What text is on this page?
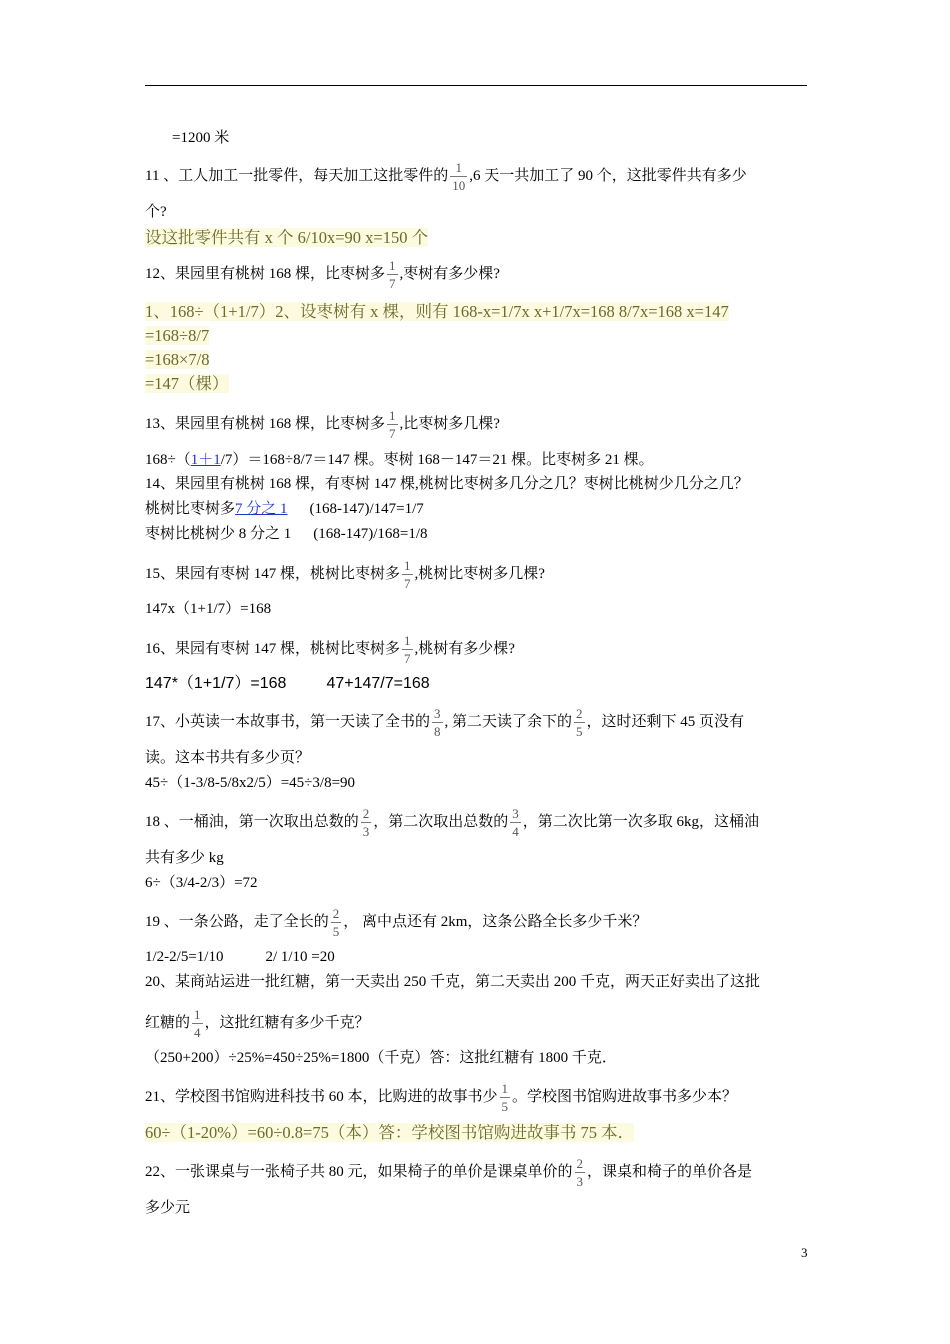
=1200 米
11 、工人加工一批零件，每天加工这批零件的 $\frac{1}{10} ,6$ 天一共加工了 90 个，这批零件共有多少
个?
设这批零件共有 x 个 6/10x=90 x=150 个
12、果园里有桃树 168 棵，比枣树多 $\frac{1}{7}$ ,枣树有多少棵?
1、168÷（1+1/7）2、设枣树有 x 棵，则有 168-x=1/7x x+1/7x=168 8/7x=168 x=147
=168÷8/7
=168×7/8
=147（棵）
13、果园里有桃树 168 棵，比枣树多 $\frac{1}{7}$ ,比枣树多几棵?
168÷（1＋1/7）＝168÷8/7＝147 棵。枣树 168－147＝21 棵。比枣树多 21 棵。
14、果园里有桃树 168 棵，有枣树 147 棵,桃树比枣树多几分之几？枣树比桃树少几分之几？
桃树比枣树多7 分之 1 (168-147)/147=1/7
枣树比桃树少 8 分之 1 (168-147)/168=1/8
15、果园有枣树 147 棵，桃树比枣树多 $\frac{1}{7}$ ,桃树比枣树多几棵?
147x（1+1/7）=168
16、果园有枣树 147 棵，桃树比枣树多 $\frac{1}{7}$ ,桃树有多少棵?
147*（1+1/7）=168	47+147/7=168
17、小英读一本故事书，第一天读了全书的 $\frac{3}{8}$ , 第二天读了余下的 $\frac{2}{5}$ ，这时还剩下 45 页没有
读。这本书共有多少页？
45÷（1-3/8-5/8x2/5）=45÷3/8=90
18 、一桶油，第一次取出总数的 $\frac{2}{3}$ ，第二次取出总数的 $\frac{3}{4}$ ，第二次比第一次多取 6kg，这桶油
共有多少 kg
6÷（3/4-2/3）=72
19 、一条公路，走了全长的 $\frac{2}{5}$ ， 离中点还有 2km，这条公路全长多少千米？
1/2-2/5=1/10	2/ 1/10 =20
20、某商站运进一批红糖，第一天卖出 250 千克，第二天卖出 200 千克，两天正好卖出了这批
红糖的 $\frac{1}{4}$ ，这批红糖有多少千克？
（250+200）÷25%=450÷25%=1800（千克）答：这批红糖有 1800 千克．
21、学校图书馆购进科技书 60 本，比购进的故事书少 $\frac{1}{5}$ 。学校图书馆购进故事书多少本？
60÷（1-20%）=60÷0.8=75（本）答：学校图书馆购进故事书 75 本．
22、一张课桌与一张椅子共 80 元，如果椅子的单价是课桌单价的 $\frac{2}{3}$ ，课桌和椅子的单价各是
多少元
3
